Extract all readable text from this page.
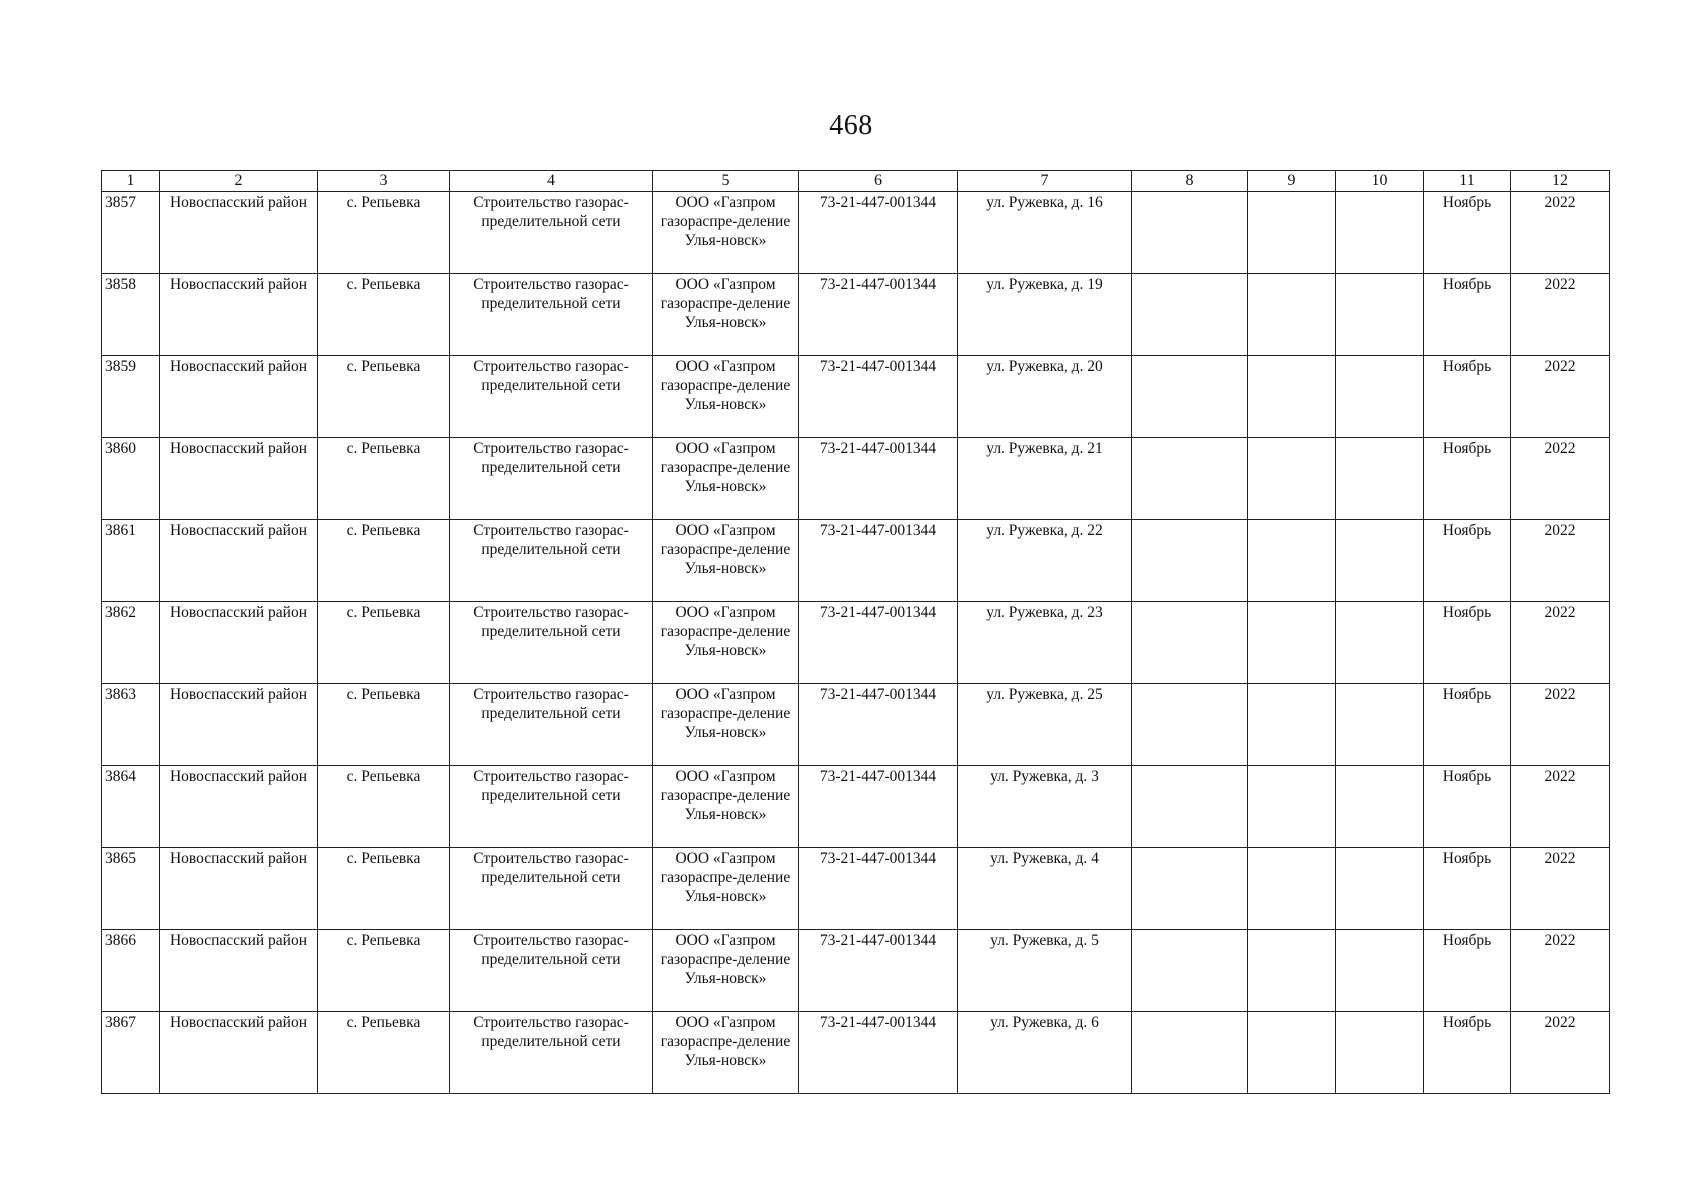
468
1	2	3	4	5	6	7	8	9	10	11	12
3857	Новоспасский район	с. Репьевка	Строительство газорас-пределительной сети	ООО «Газпром газораспре-деление Улья-новск»	73-21-447-001344	ул. Ружевка, д. 16				Ноябрь	2022
3858	Новоспасский район	с. Репьевка	Строительство газорас-пределительной сети	ООО «Газпром газораспре-деление Улья-новск»	73-21-447-001344	ул. Ружевка, д. 19				Ноябрь	2022
3859	Новоспасский район	с. Репьевка	Строительство газорас-пределительной сети	ООО «Газпром газораспре-деление Улья-новск»	73-21-447-001344	ул. Ружевка, д. 20				Ноябрь	2022
3860	Новоспасский район	с. Репьевка	Строительство газорас-пределительной сети	ООО «Газпром газораспре-деление Улья-новск»	73-21-447-001344	ул. Ружевка, д. 21				Ноябрь	2022
3861	Новоспасский район	с. Репьевка	Строительство газорас-пределительной сети	ООО «Газпром газораспре-деление Улья-новск»	73-21-447-001344	ул. Ружевка, д. 22				Ноябрь	2022
3862	Новоспасский район	с. Репьевка	Строительство газорас-пределительной сети	ООО «Газпром газораспре-деление Улья-новск»	73-21-447-001344	ул. Ружевка, д. 23				Ноябрь	2022
3863	Новоспасский район	с. Репьевка	Строительство газорас-пределительной сети	ООО «Газпром газораспре-деление Улья-новск»	73-21-447-001344	ул. Ружевка, д. 25				Ноябрь	2022
3864	Новоспасский район	с. Репьевка	Строительство газорас-пределительной сети	ООО «Газпром газораспре-деление Улья-новск»	73-21-447-001344	ул. Ружевка, д. 3				Ноябрь	2022
3865	Новоспасский район	с. Репьевка	Строительство газорас-пределительной сети	ООО «Газпром газораспре-деление Улья-новск»	73-21-447-001344	ул. Ружевка, д. 4				Ноябрь	2022
3866	Новоспасский район	с. Репьевка	Строительство газорас-пределительной сети	ООО «Газпром газораспре-деление Улья-новск»	73-21-447-001344	ул. Ружевка, д. 5				Ноябрь	2022
3867	Новоспасский район	с. Репьевка	Строительство газорас-пределительной сети	ООО «Газпром газораспре-деление Улья-новск»	73-21-447-001344	ул. Ружевка, д. 6				Ноябрь	2022
